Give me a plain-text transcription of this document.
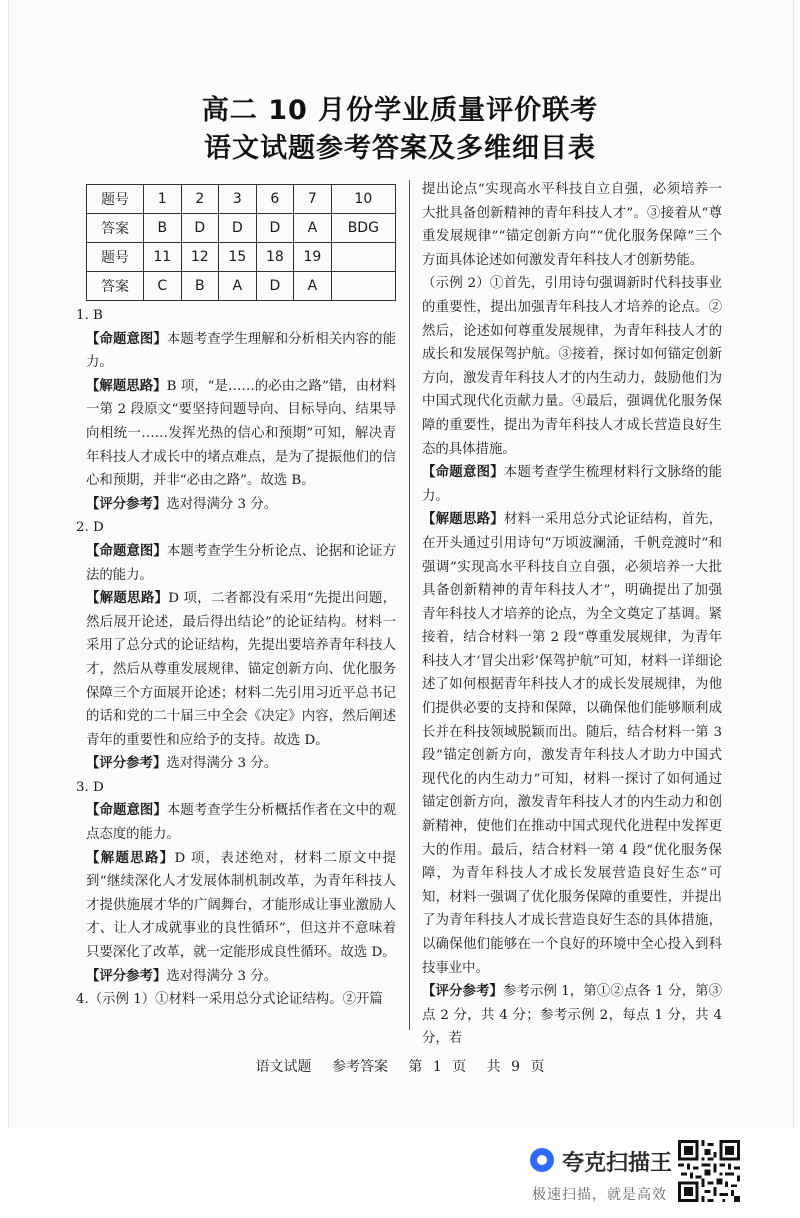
高二 10 月份学业质量评价联考
语文试题参考答案及多维细目表
题号	1	2	3	6	7	10
答案	B	D	D	D	A	BDG
题号	11	12	15	18	19	
答案	C	B	A	D	A	

1. B

【命题意图】本题考查学生理解和分析相关内容的能力。

【解题思路】B 项，“是……的必由之路”错，由材料一第 2 段原文“要坚持问题导向、目标导向、结果导向相统一……发挥光热的信心和预期”可知，解决青年科技人才成长中的堵点难点，是为了提振他们的信心和预期，并非“必由之路”。故选 B。

【评分参考】选对得满分 3 分。

2. D

【命题意图】本题考查学生分析论点、论据和论证方法的能力。

【解题思路】D 项，二者都没有采用“先提出问题，然后展开论述，最后得出结论”的论证结构。材料一采用了总分式的论证结构，先提出要培养青年科技人才，然后从尊重发展规律、锚定创新方向、优化服务保障三个方面展开论述；材料二先引用习近平总书记的话和党的二十届三中全会《决定》内容，然后阐述青年的重要性和应给予的支持。故选 D。

【评分参考】选对得满分 3 分。

3. D

【命题意图】本题考查学生分析概括作者在文中的观点态度的能力。

【解题思路】D 项，表述绝对，材料二原文中提到“继续深化人才发展体制机制改革，为青年科技人才提供施展才华的广阔舞台，才能形成让事业激励人才、让人才成就事业的良性循环”，但这并不意味着只要深化了改革，就一定能形成良性循环。故选 D。

【评分参考】选对得满分 3 分。

4.（示例 1）①材料一采用总分式论证结构。②开篇

提出论点“实现高水平科技自立自强，必须培养一大批具备创新精神的青年科技人才”。③接着从“尊重发展规律”“锚定创新方向”“优化服务保障”三个方面具体论述如何激发青年科技人才创新势能。

（示例 2）①首先，引用诗句强调新时代科技事业的重要性，提出加强青年科技人才培养的论点。②然后，论述如何尊重发展规律，为青年科技人才的成长和发展保驾护航。③接着，探讨如何锚定创新方向，激发青年科技人才的内生动力，鼓励他们为中国式现代化贡献力量。④最后，强调优化服务保障的重要性，提出为青年科技人才成长营造良好生态的具体措施。

【命题意图】本题考查学生梳理材料行文脉络的能力。

【解题思路】材料一采用总分式论证结构，首先，在开头通过引用诗句“万顷波澜涌，千帆竞渡时”和强调“实现高水平科技自立自强，必须培养一大批具备创新精神的青年科技人才”，明确提出了加强青年科技人才培养的论点，为全文奠定了基调。紧接着，结合材料一第 2 段“尊重发展规律，为青年科技人才‘冒尖出彩’保驾护航”可知，材料一详细论述了如何根据青年科技人才的成长发展规律，为他们提供必要的支持和保障，以确保他们能够顺利成长并在科技领域脱颖而出。随后，结合材料一第 3 段“锚定创新方向，激发青年科技人才助力中国式现代化的内生动力”可知，材料一探讨了如何通过锚定创新方向，激发青年科技人才的内生动力和创新精神，使他们在推动中国式现代化进程中发挥更大的作用。最后，结合材料一第 4 段“优化服务保障，为青年科技人才成长发展营造良好生态”可知，材料一强调了优化服务保障的重要性，并提出了为青年科技人才成长营造良好生态的具体措施，以确保他们能够在一个良好的环境中全心投入到科技事业中。

【评分参考】参考示例 1，第①②点各 1 分，第③点 2 分，共 4 分；参考示例 2，每点 1 分，共 4 分，若

语文试题 参考答案 第 1 页 共 9 页
夸克扫描王
极速扫描，就是高效
